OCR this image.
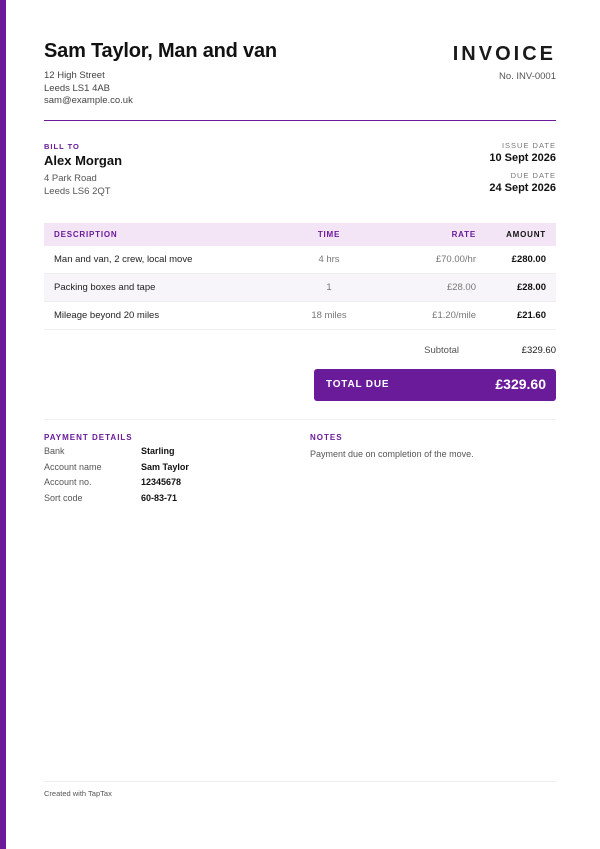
Sam Taylor, Man and van
12 High Street
Leeds LS1 4AB
sam@example.co.uk
INVOICE
No. INV-0001
BILL TO
Alex Morgan
4 Park Road
Leeds LS6 2QT
ISSUE DATE
10 Sept 2026
DUE DATE
24 Sept 2026
DESCRIPTION	TIME	RATE	AMOUNT
Man and van, 2 crew, local move	4 hrs	£70.00/hr	£280.00
Packing boxes and tape	1	£28.00	£28.00
Mileage beyond 20 miles	18 miles	£1.20/mile	£21.60
Subtotal	£329.60
TOTAL DUE	£329.60
PAYMENT DETAILS
Bank	Starling
Account name	Sam Taylor
Account no.	12345678
Sort code	60-83-71
NOTES
Payment due on completion of the move.
Created with TapTax
